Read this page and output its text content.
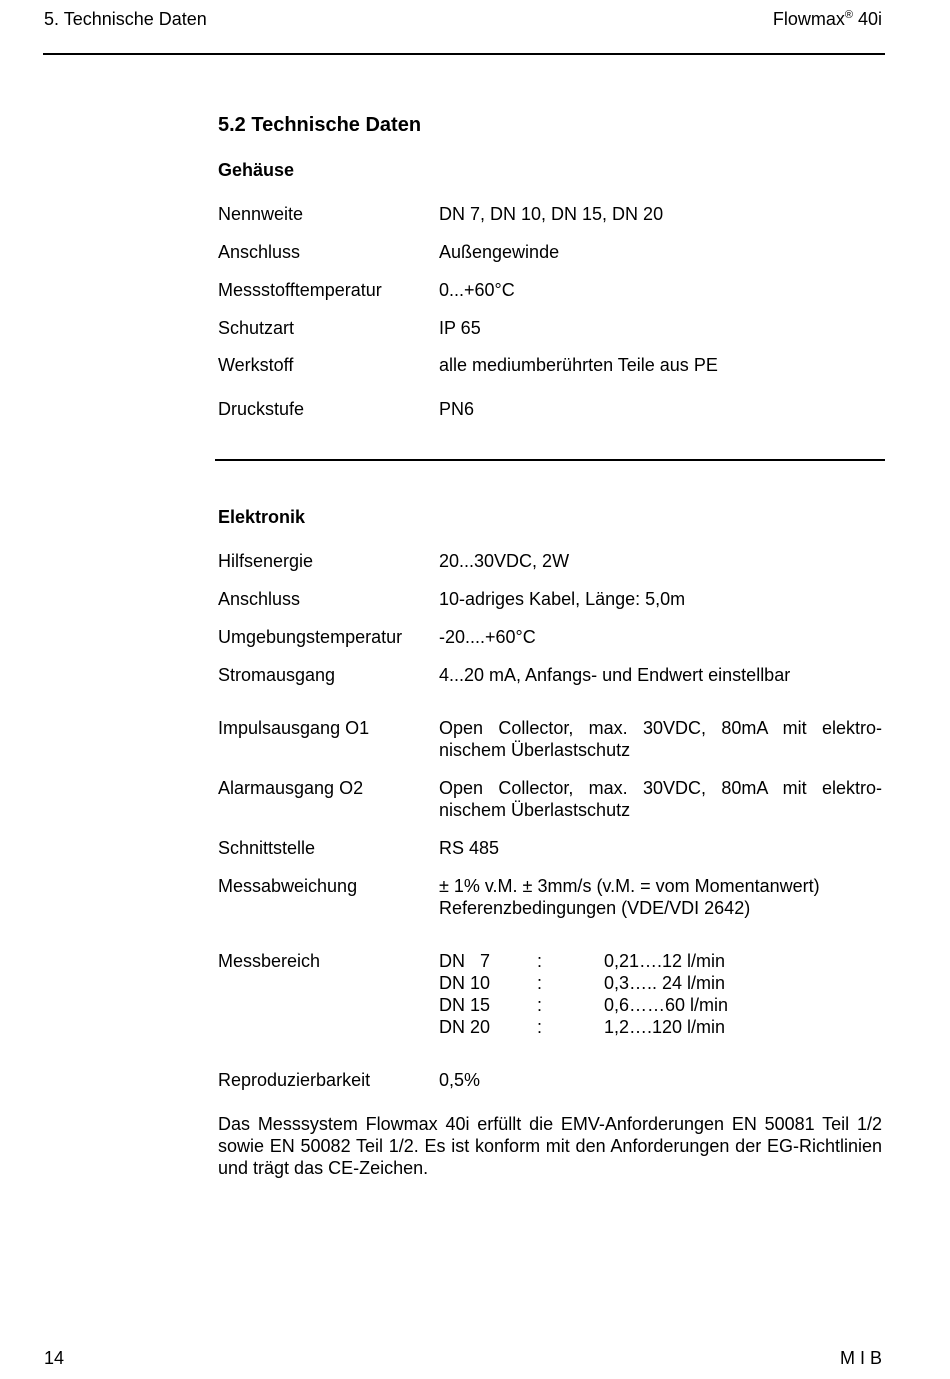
5. Technische Daten	Flowmax® 40i
5.2 Technische Daten
Gehäuse
Nennweite	DN 7, DN 10, DN 15, DN 20
Anschluss	Außengewinde
Messstofftemperatur	0...+60°C
Schutzart	IP 65
Werkstoff	alle mediumberührten Teile aus PE
Druckstufe	PN6
Elektronik
Hilfsenergie	20...30VDC, 2W
Anschluss	10-adriges Kabel, Länge: 5,0m
Umgebungstemperatur -20....+60°C
Stromausgang	4...20 mA, Anfangs- und Endwert einstellbar
Impulsausgang O1	Open Collector, max. 30VDC, 80mA mit elektro-nischem Überlastschutz
Alarmausgang O2	Open Collector, max. 30VDC, 80mA mit elektro-nischem Überlastschutz
Schnittstelle	RS 485
Messabweichung	± 1% v.M. ± 3mm/s (v.M. = vom Momentanwert)
Referenzbedingungen (VDE/VDI 2642)
Messbereich	DN   7	:	0,21….12 l/min
DN 10	:	0,3….. 24 l/min
DN 15	:	0,6……60 l/min
DN 20	:	1,2….120 l/min
Reproduzierbarkeit	0,5%
Das Messsystem Flowmax 40i erfüllt die EMV-Anforderungen EN 50081 Teil 1/2 sowie EN 50082 Teil 1/2. Es ist konform mit den Anforderungen der EG-Richtlinien und trägt das CE-Zeichen.
14	M I B
